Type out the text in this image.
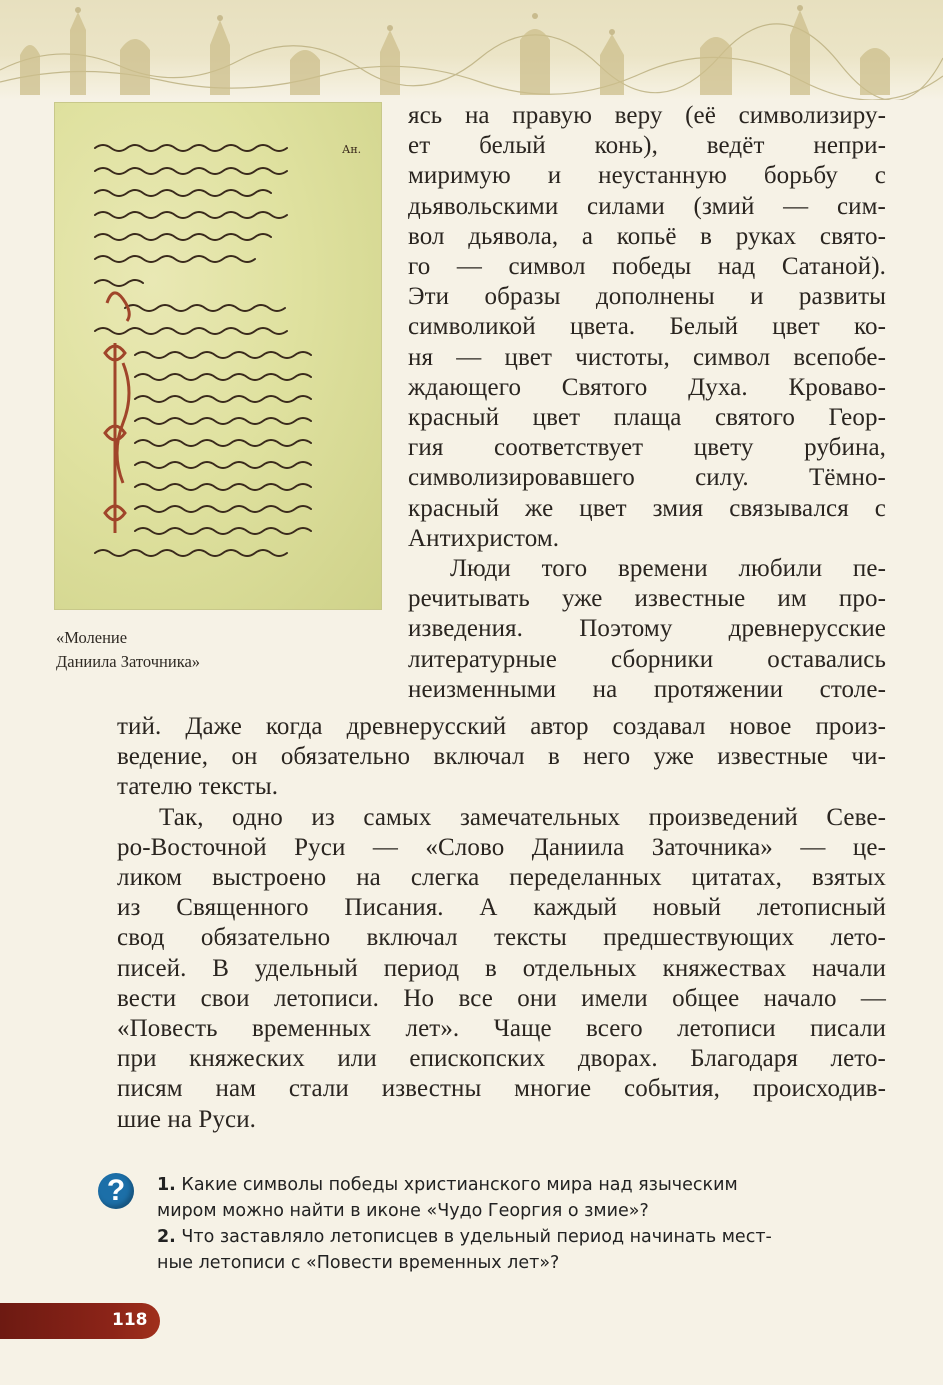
Ан.
«Моление
Даниила Заточника»
ясь на правую веру (её символизиру-
ет белый конь), ведёт непри-
миримую и неустанную борьбу с
дьявольскими силами (змий — сим-
вол дьявола, а копьё в руках свято-
го — символ победы над Сатаной).
Эти образы дополнены и развиты
символикой цвета. Белый цвет ко-
ня — цвет чистоты, символ всепобе-
ждающего Святого Духа. Кроваво-
красный цвет плаща святого Геор-
гия соответствует цвету рубина,
символизировавшего силу. Тёмно-
красный же цвет змия связывался с
Антихристом.
Люди того времени любили пе-
речитывать уже известные им про-
изведения. Поэтому древнерусские
литературные сборники оставались
неизменными на протяжении столе-
тий. Даже когда древнерусский автор создавал новое произ-
ведение, он обязательно включал в него уже известные чи-
тателю тексты.
Так, одно из самых замечательных произведений Севе-
ро-Восточной Руси — «Слово Даниила Заточника» — це-
ликом выстроено на слегка переделанных цитатах, взятых
из Священного Писания. А каждый новый летописный
свод обязательно включал тексты предшествующих лето-
писей. В удельный период в отдельных княжествах начали
вести свои летописи. Но все они имели общее начало —
«Повесть временных лет». Чаще всего летописи писали
при княжеских или епископских дворах. Благодаря лето-
писям нам стали известны многие события, происходив-
шие на Руси.
?	1. Какие символы победы христианского мира над языческим
миром можно найти в иконе «Чудо Георгия о змие»?
2. Что заставляло летописцев в удельный период начинать мест-
ные летописи с «Повести временных лет»?
118
